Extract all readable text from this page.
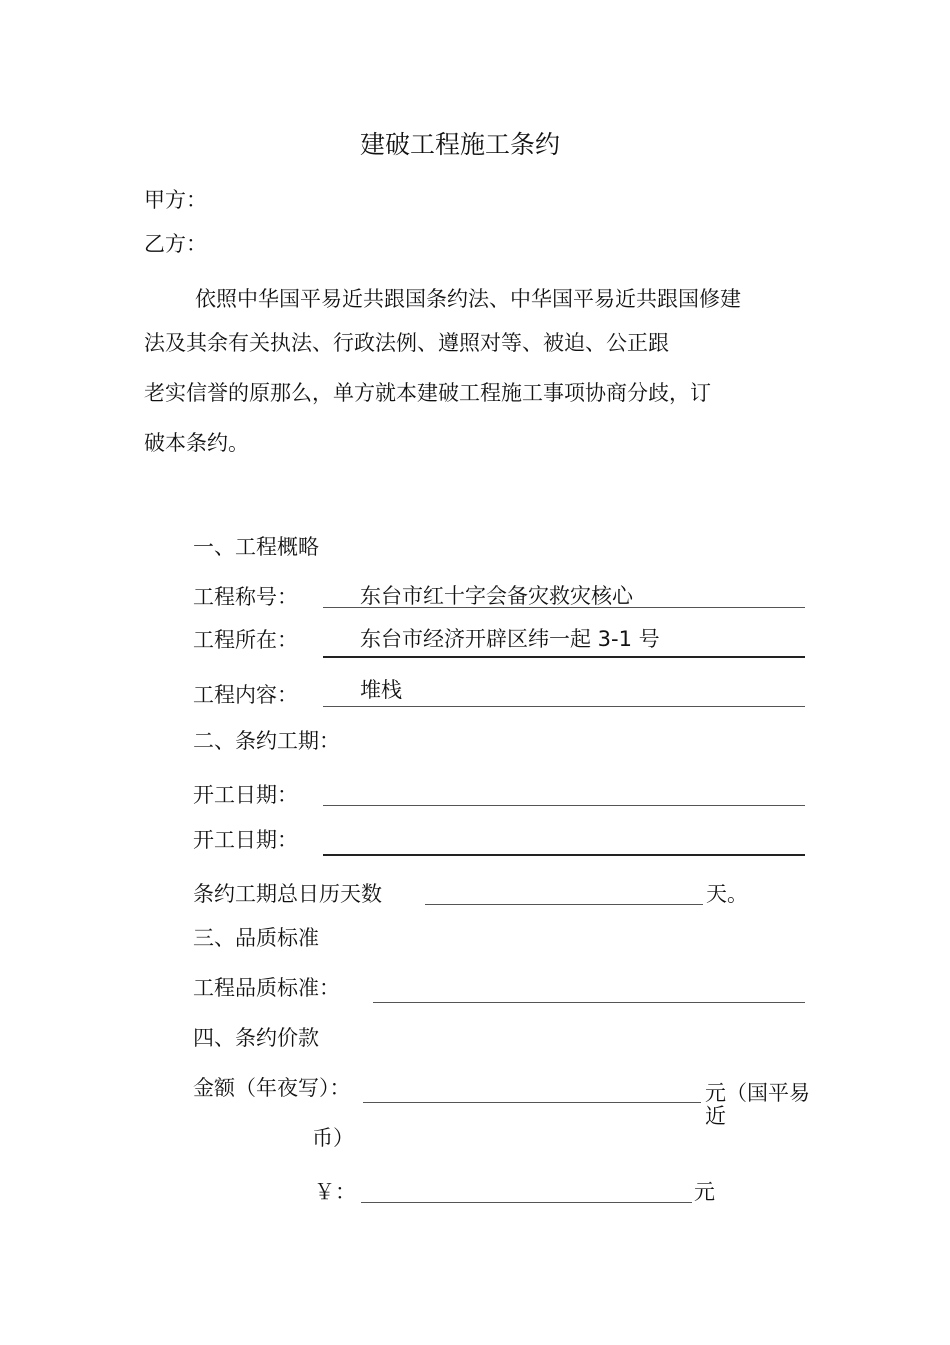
建破工程施工条约
甲方：
乙方：
依照中华国平易近共跟国条约法、中华国平易近共跟国修建
法及其余有关执法、行政法例、遵照对等、被迫、公正跟
老实信誉的原那么，单方就本建破工程施工事项协商分歧，订
破本条约。
一、工程概略
工程称号：	东台市红十字会备灾救灾核心
工程所在：	东台市经济开辟区纬一起 3-1 号
工程内容：	堆栈
二、条约工期：
开工日期：
开工日期：
条约工期总日历天数	天。
三、品质标准
工程品质标准：
四、条约价款
金额（年夜写）：	元（国平易
近
币）
￥：	元
